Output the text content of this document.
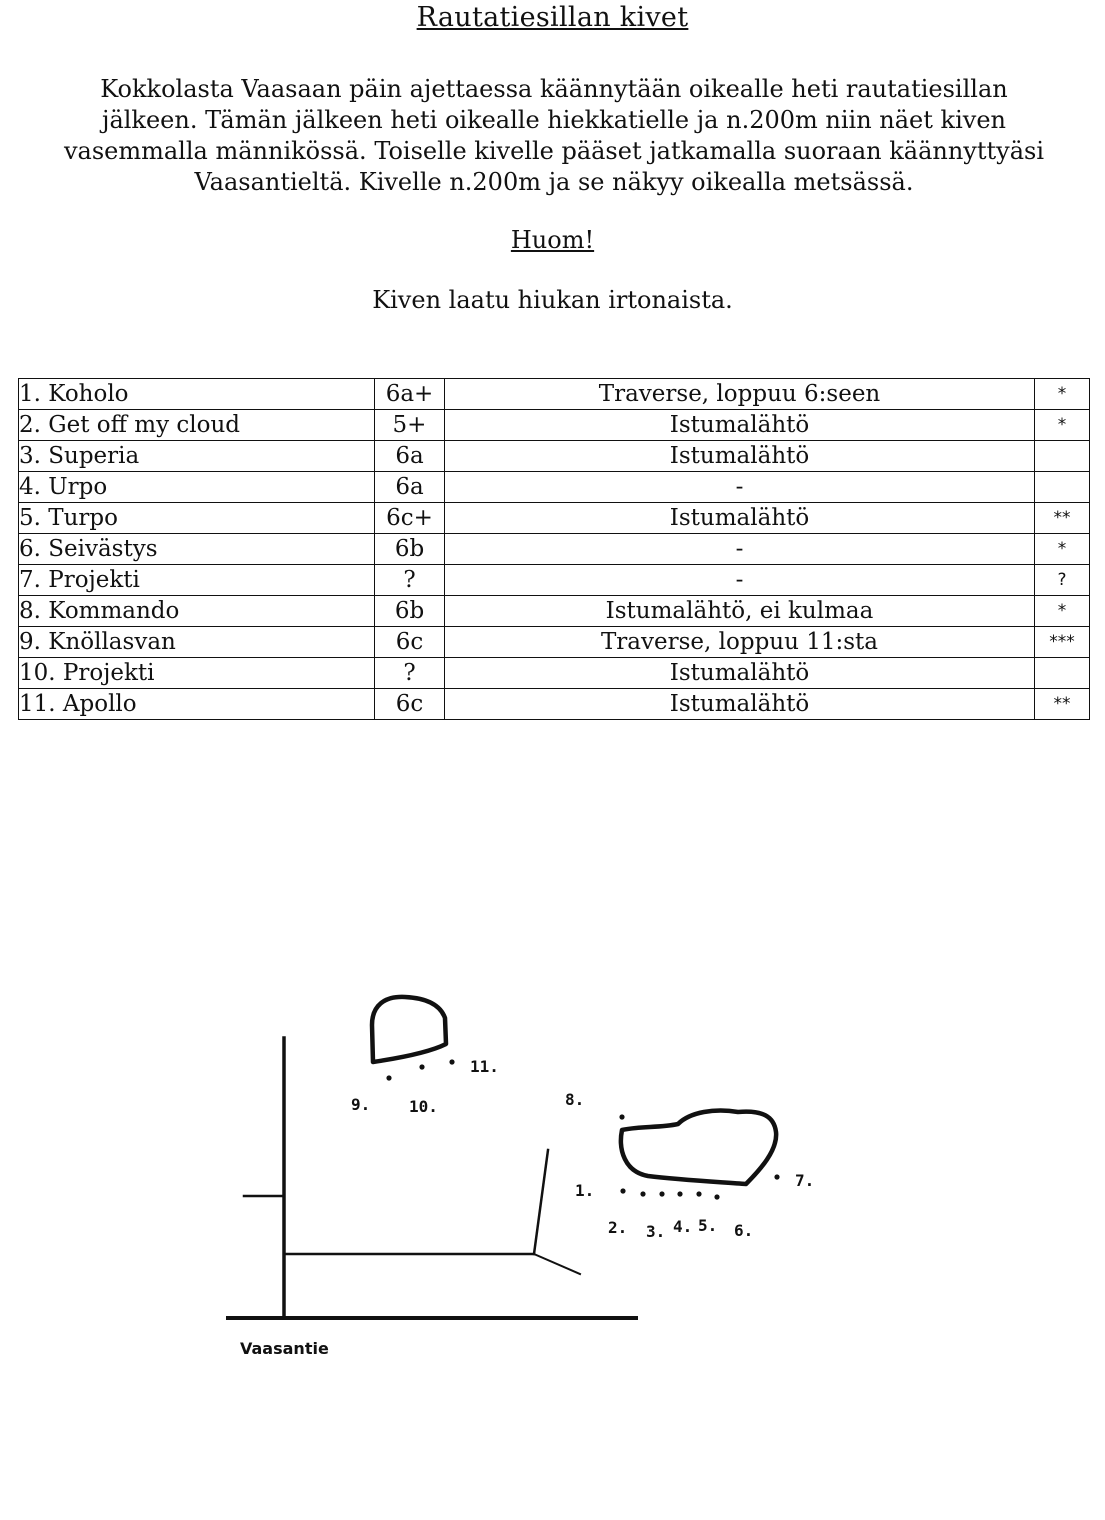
Rautatiesillan kivet
Kokkolasta Vaasaan päin ajettaessa käännytään oikealle heti rautatiesillan
jälkeen. Tämän jälkeen heti oikealle hiekkatielle ja n.200m niin näet kiven
vasemmalla männikössä. Toiselle kivelle pääset jatkamalla suoraan käännyttyäsi
Vaasantieltä. Kivelle n.200m ja se näkyy oikealla metsässä.
Huom!
Kiven laatu hiukan irtonaista.
1. Koholo	6a+	Traverse, loppuu 6:seen	*
2. Get off my cloud	5+	Istumalähtö	*
3. Superia	6a	Istumalähtö	
4. Urpo	6a	-	
5. Turpo	6c+	Istumalähtö	**
6. Seivästys	6b	-	*
7. Projekti	?	-	?
8. Kommando	6b	Istumalähtö, ei kulmaa	*
9. Knöllasvan	6c	Traverse, loppuu 11:sta	***
10. Projekti	?	Istumalähtö	
11. Apollo	6c	Istumalähtö	**
Vaasantie
9. 10.
11.
8.
1.
2. 3. 4. 5. 6.
7.
